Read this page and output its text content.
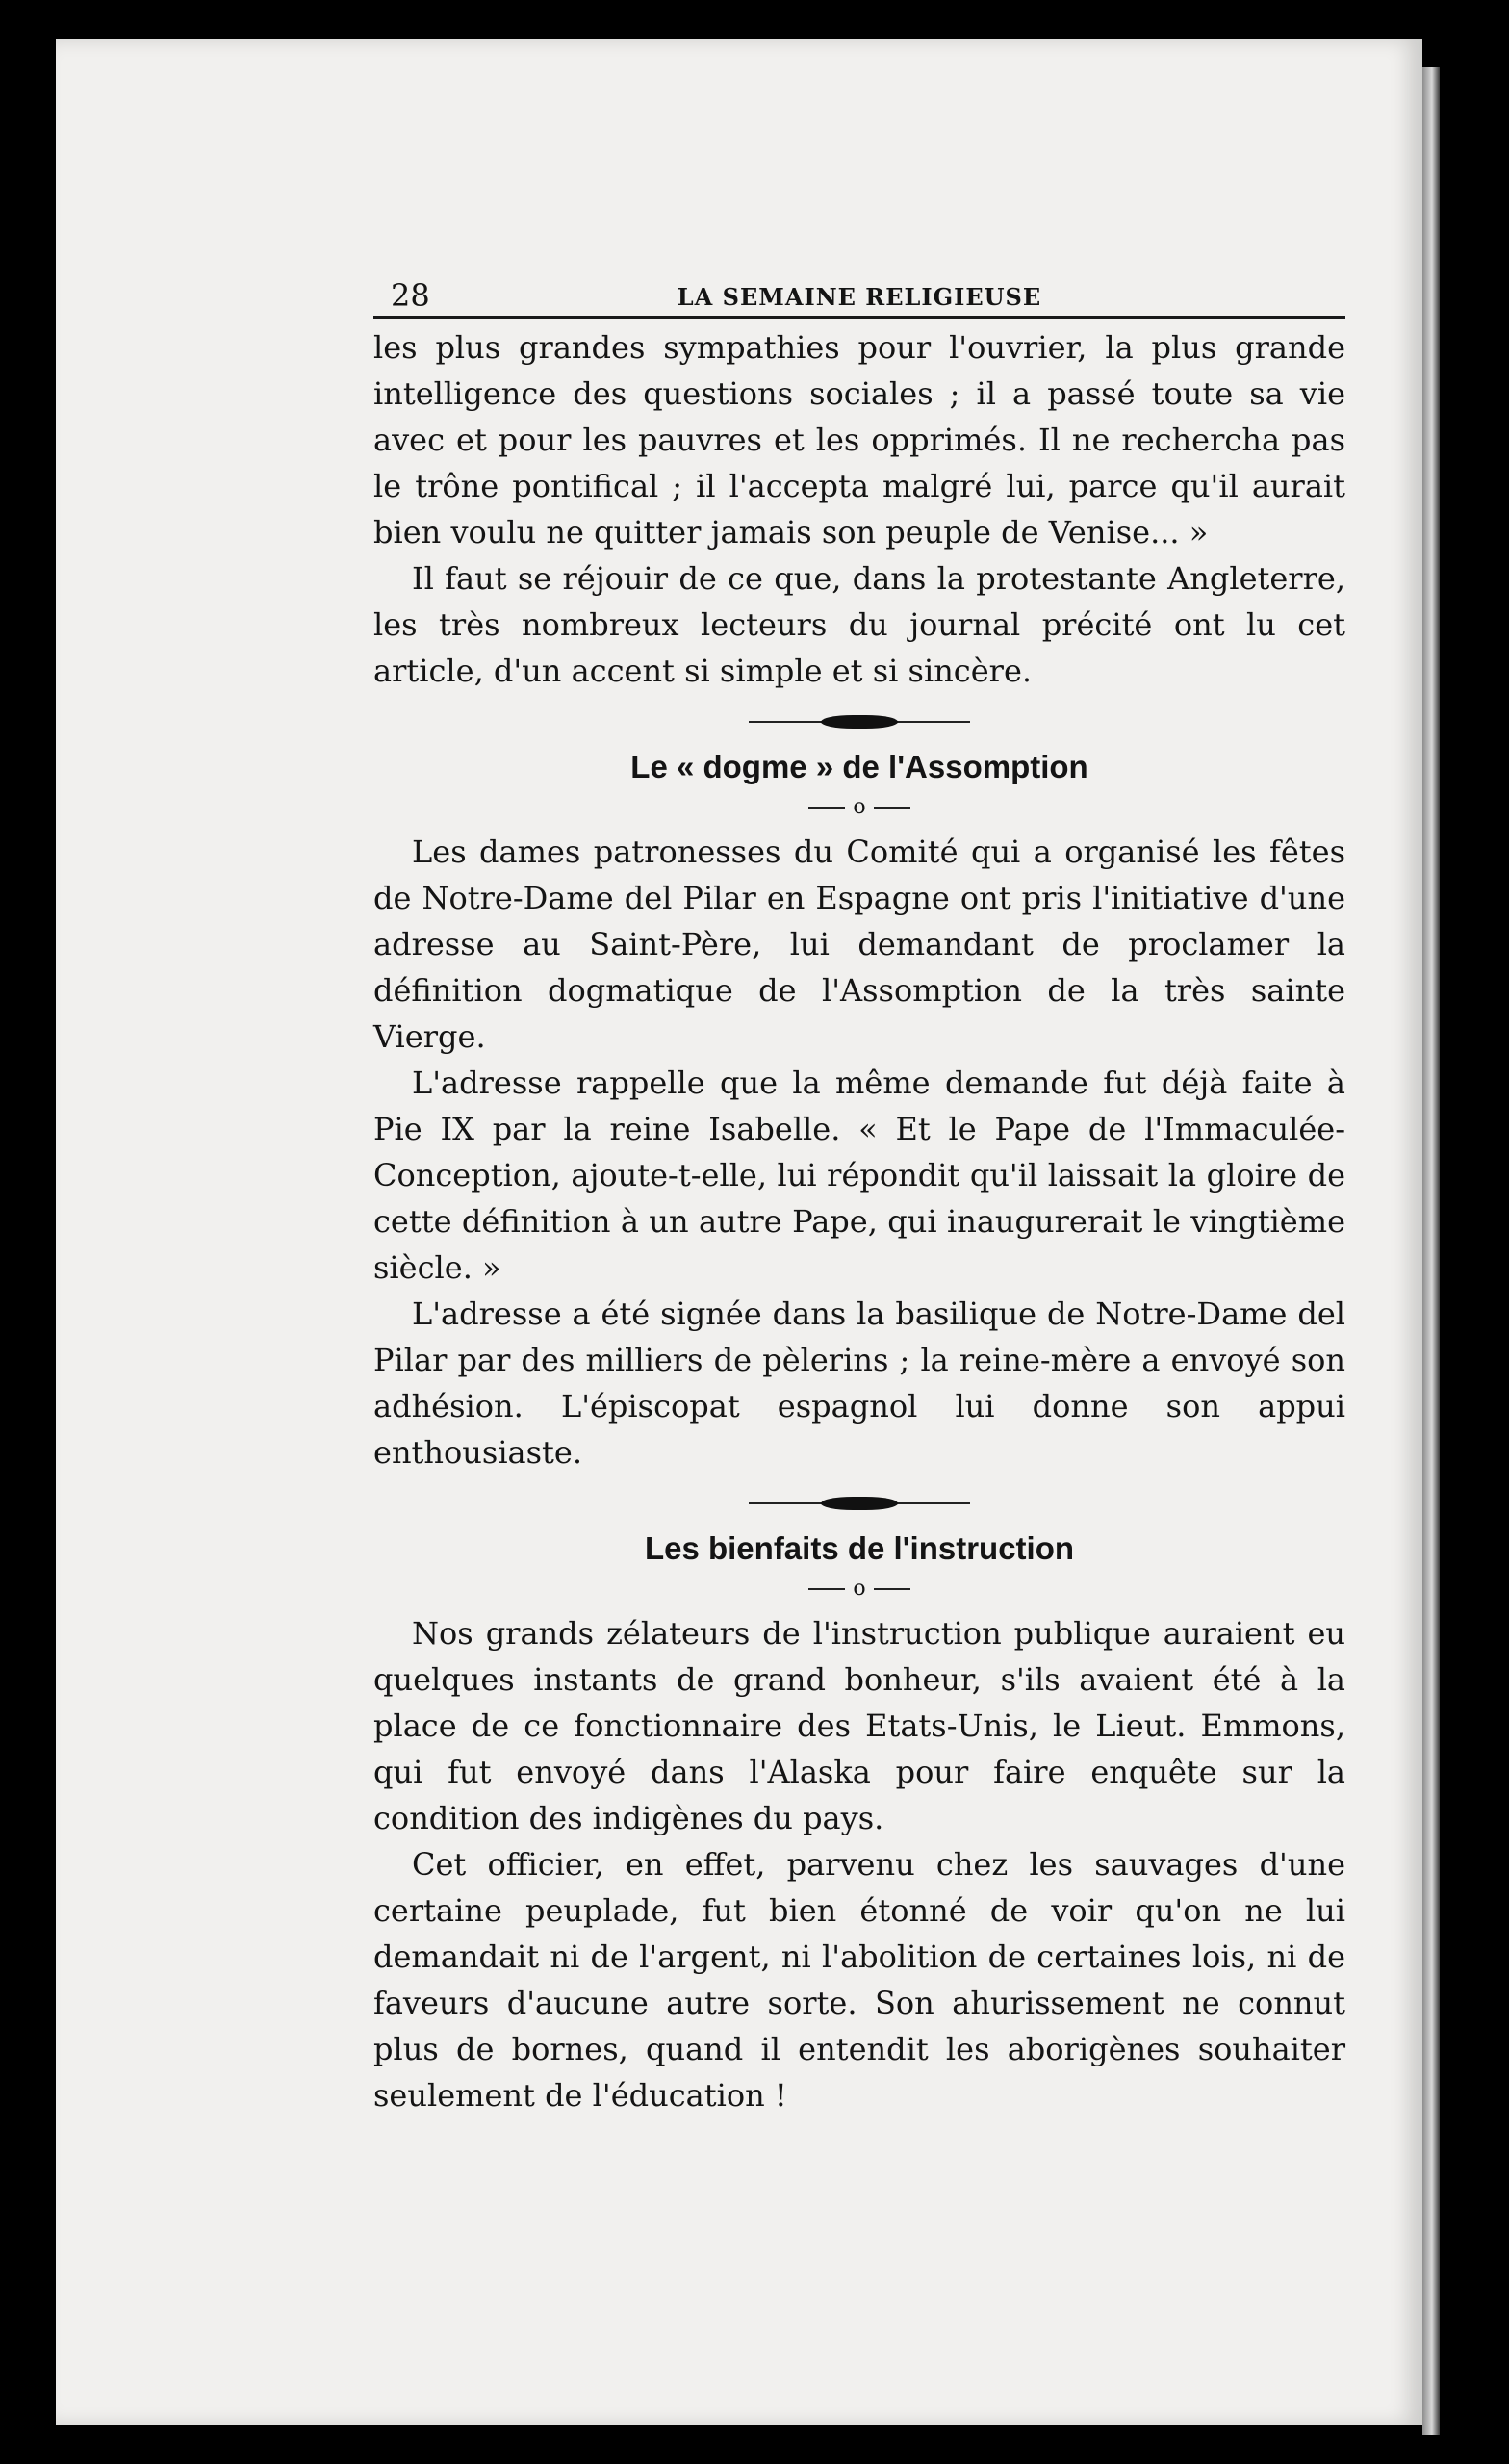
28	LA SEMAINE RELIGIEUSE

les plus grandes sympathies pour l'ouvrier, la plus grande intelligence des questions sociales ; il a passé toute sa vie avec et pour les pauvres et les opprimés. Il ne rechercha pas le trône pontifical ; il l'accepta malgré lui, parce qu'il aurait bien voulu ne quitter jamais son peuple de Venise... »

Il faut se réjouir de ce que, dans la protestante Angleterre, les très nombreux lecteurs du journal précité ont lu cet article, d'un accent si simple et si sincère.

Le « dogme » de l'Assomption
o

Les dames patronesses du Comité qui a organisé les fêtes de Notre-Dame del Pilar en Espagne ont pris l'initiative d'une adresse au Saint-Père, lui demandant de proclamer la définition dogmatique de l'Assomption de la très sainte Vierge.

L'adresse rappelle que la même demande fut déjà faite à Pie IX par la reine Isabelle. « Et le Pape de l'Immaculée-Conception, ajoute-t-elle, lui répondit qu'il laissait la gloire de cette définition à un autre Pape, qui inaugurerait le vingtième siècle. »

L'adresse a été signée dans la basilique de Notre-Dame del Pilar par des milliers de pèlerins ; la reine-mère a envoyé son adhésion. L'épiscopat espagnol lui donne son appui enthousiaste.

Les bienfaits de l'instruction
o

Nos grands zélateurs de l'instruction publique auraient eu quelques instants de grand bonheur, s'ils avaient été à la place de ce fonctionnaire des Etats-Unis, le Lieut. Emmons, qui fut envoyé dans l'Alaska pour faire enquête sur la condition des indigènes du pays.

Cet officier, en effet, parvenu chez les sauvages d'une certaine peuplade, fut bien étonné de voir qu'on ne lui demandait ni de l'argent, ni l'abolition de certaines lois, ni de faveurs d'aucune autre sorte. Son ahurissement ne connut plus de bornes, quand il entendit les aborigènes souhaiter seulement de l'éducation !
